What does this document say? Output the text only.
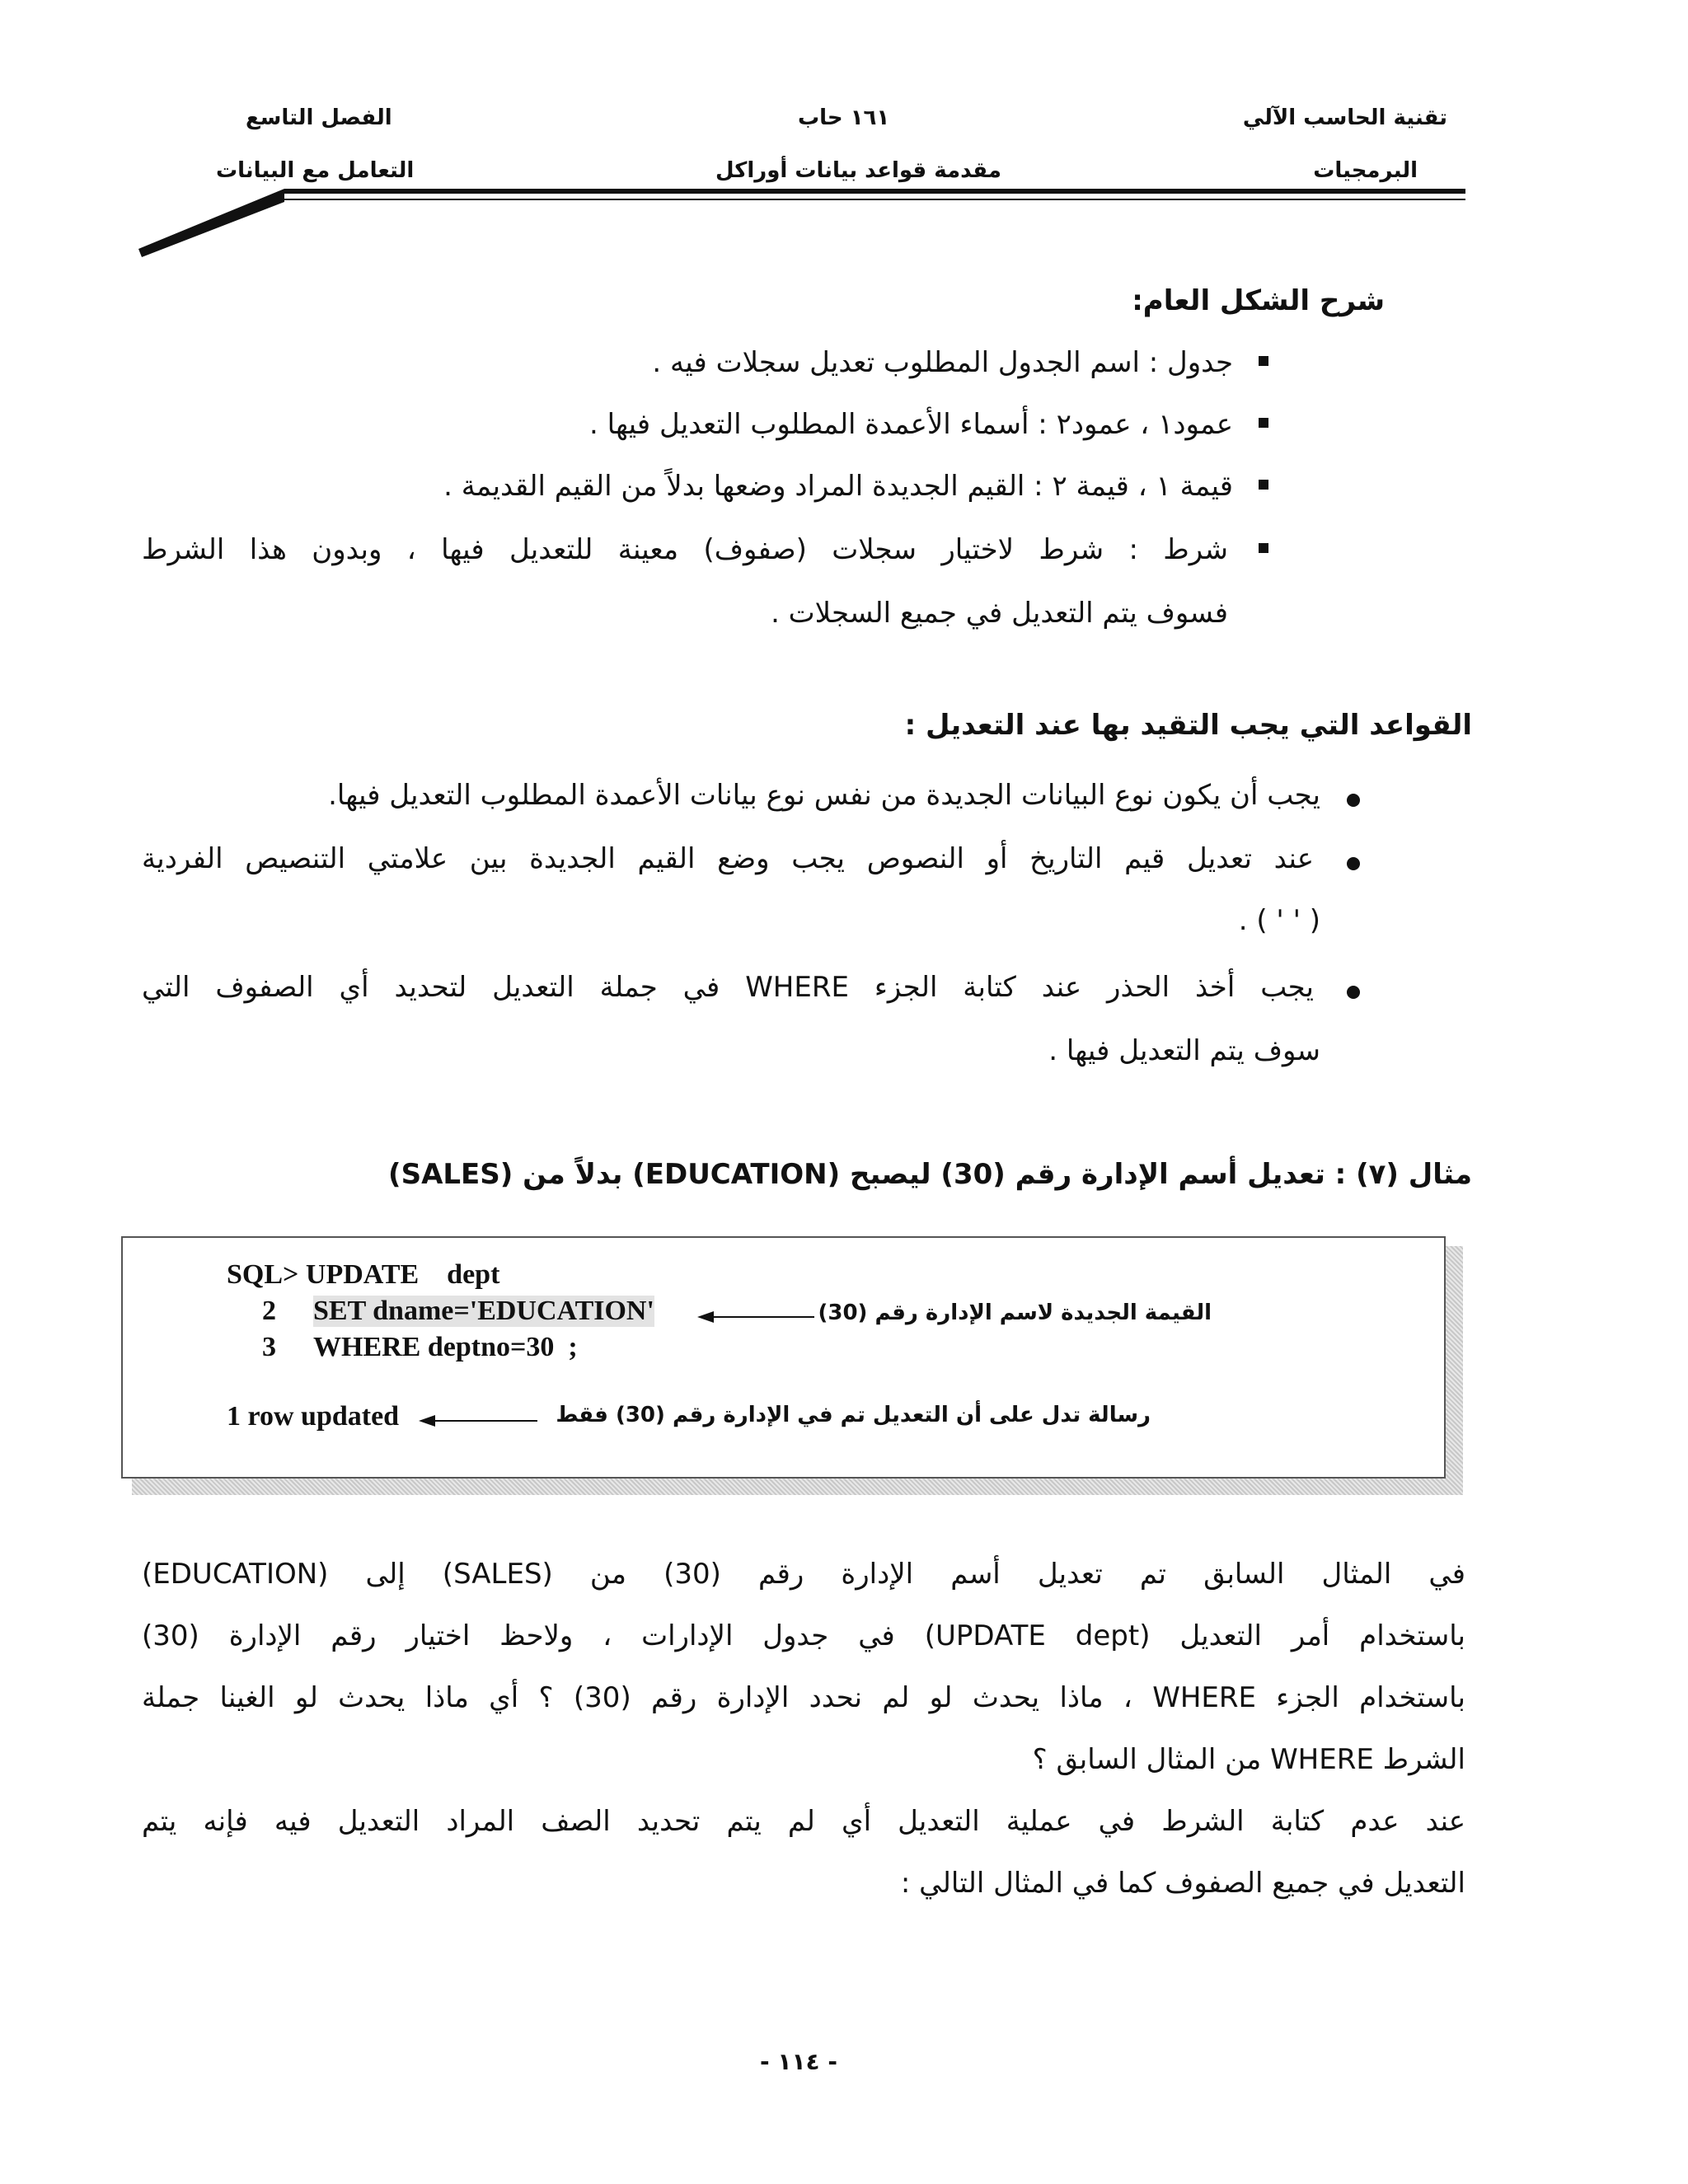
تقنية الحاسب الآلي
البرمجيات
١٦١ حاب
مقدمة قواعد بيانات أوراكل
الفصل التاسع
التعامل مع البيانات
شرح الشكل العام:
جدول : اسم الجدول المطلوب تعديل سجلات فيه .
عمود١ ، عمود٢ : أسماء الأعمدة المطلوب التعديل فيها .
قيمة ١ ، قيمة ٢ : القيم الجديدة المراد وضعها بدلاً من القيم القديمة .
شرط : شرط لاختيار سجلات (صفوف) معينة للتعديل فيها ، وبدون هذا الشرط
فسوف يتم التعديل في جميع السجلات .
القواعد التي يجب التقيد بها عند التعديل :
يجب أن يكون نوع البيانات الجديدة من نفس نوع بيانات الأعمدة المطلوب التعديل فيها.
عند تعديل قيم التاريخ أو النصوص يجب وضع القيم الجديدة بين علامتي التنصيص الفردية
. ( ' ' )
يجب أخذ الحذر عند كتابة الجزء WHERE في جملة التعديل لتحديد أي الصفوف التي
سوف يتم التعديل فيها .
مثال (٧) : تعديل أسم الإدارة رقم (30) ليصبح (EDUCATION) بدلاً من (SALES)
SQL> UPDATE    dept
2 SET dname='EDUCATION'
3 WHERE deptno=30  ;
1 row updated
القيمة الجديدة لاسم الإدارة رقم (30)
رسالة تدل على أن التعديل تم في الإدارة رقم (30) فقط
في المثال السابق تم تعديل أسم الإدارة رقم (30) من (SALES) إلى (EDUCATION)
باستخدام أمر التعديل (UPDATE dept) في جدول الإدارات ، ولاحظ اختيار رقم الإدارة (30)
باستخدام الجزء WHERE ، ماذا يحدث لو لم نحدد الإدارة رقم (30) ؟ أي ماذا يحدث لو الغينا جملة
الشرط WHERE من المثال السابق ؟
عند عدم كتابة الشرط في عملية التعديل أي لم يتم تحديد الصف المراد التعديل فيه فإنه يتم
التعديل في جميع الصفوف كما في المثال التالي :
- ١١٤ -
